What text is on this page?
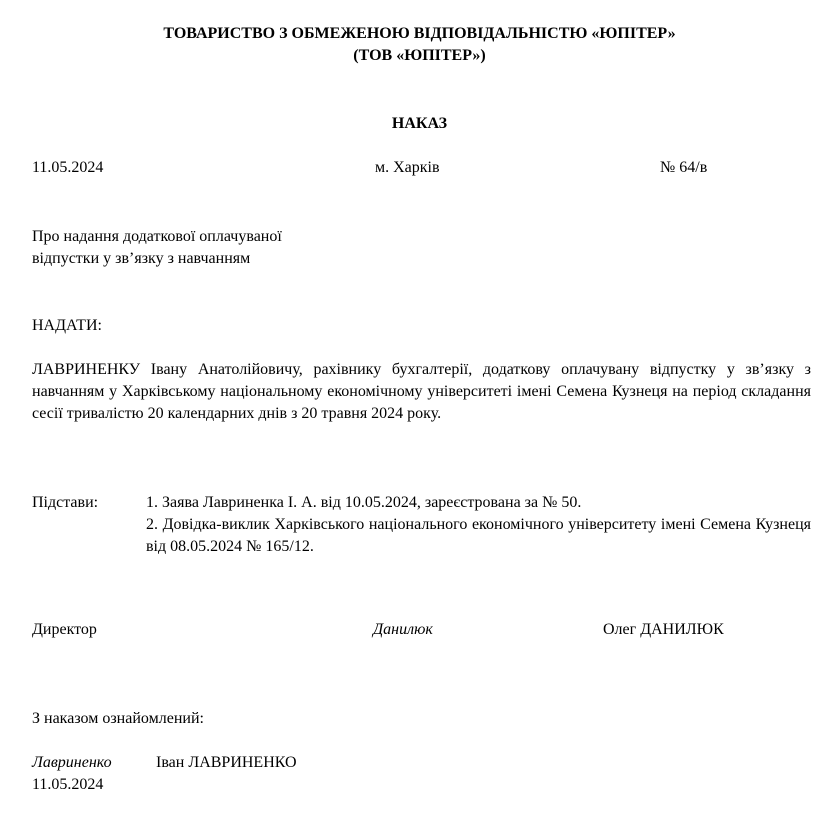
ТОВАРИСТВО З ОБМЕЖЕНОЮ ВІДПОВІДАЛЬНІСТЮ «ЮПІТЕР»
(ТОВ «ЮПІТЕР»)
НАКАЗ
11.05.2024	м. Харків	№ 64/в
Про надання додаткової оплачуваної
відпустки у зв’язку з навчанням
НАДАТИ:
ЛАВРИНЕНКУ Івану Анатолійовичу, рахівнику бухгалтерії, додаткову оплачувану відпустку у зв’язку з навчанням у Харківському національному економічному університеті імені Семена Кузнеця на період складання сесії тривалістю 20 календарних днів з 20 травня 2024 року.
Підстави:	1. Заява Лавриненка І. А. від 10.05.2024, зареєстрована за № 50.
2. Довідка-виклик Харківського національного економічного університету імені Семена Кузнеця від 08.05.2024 № 165/12.
Директор	Данилюк	Олег ДАНИЛЮК
З наказом ознайомлений:
Лавриненко	Іван ЛАВРИНЕНКО
11.05.2024
